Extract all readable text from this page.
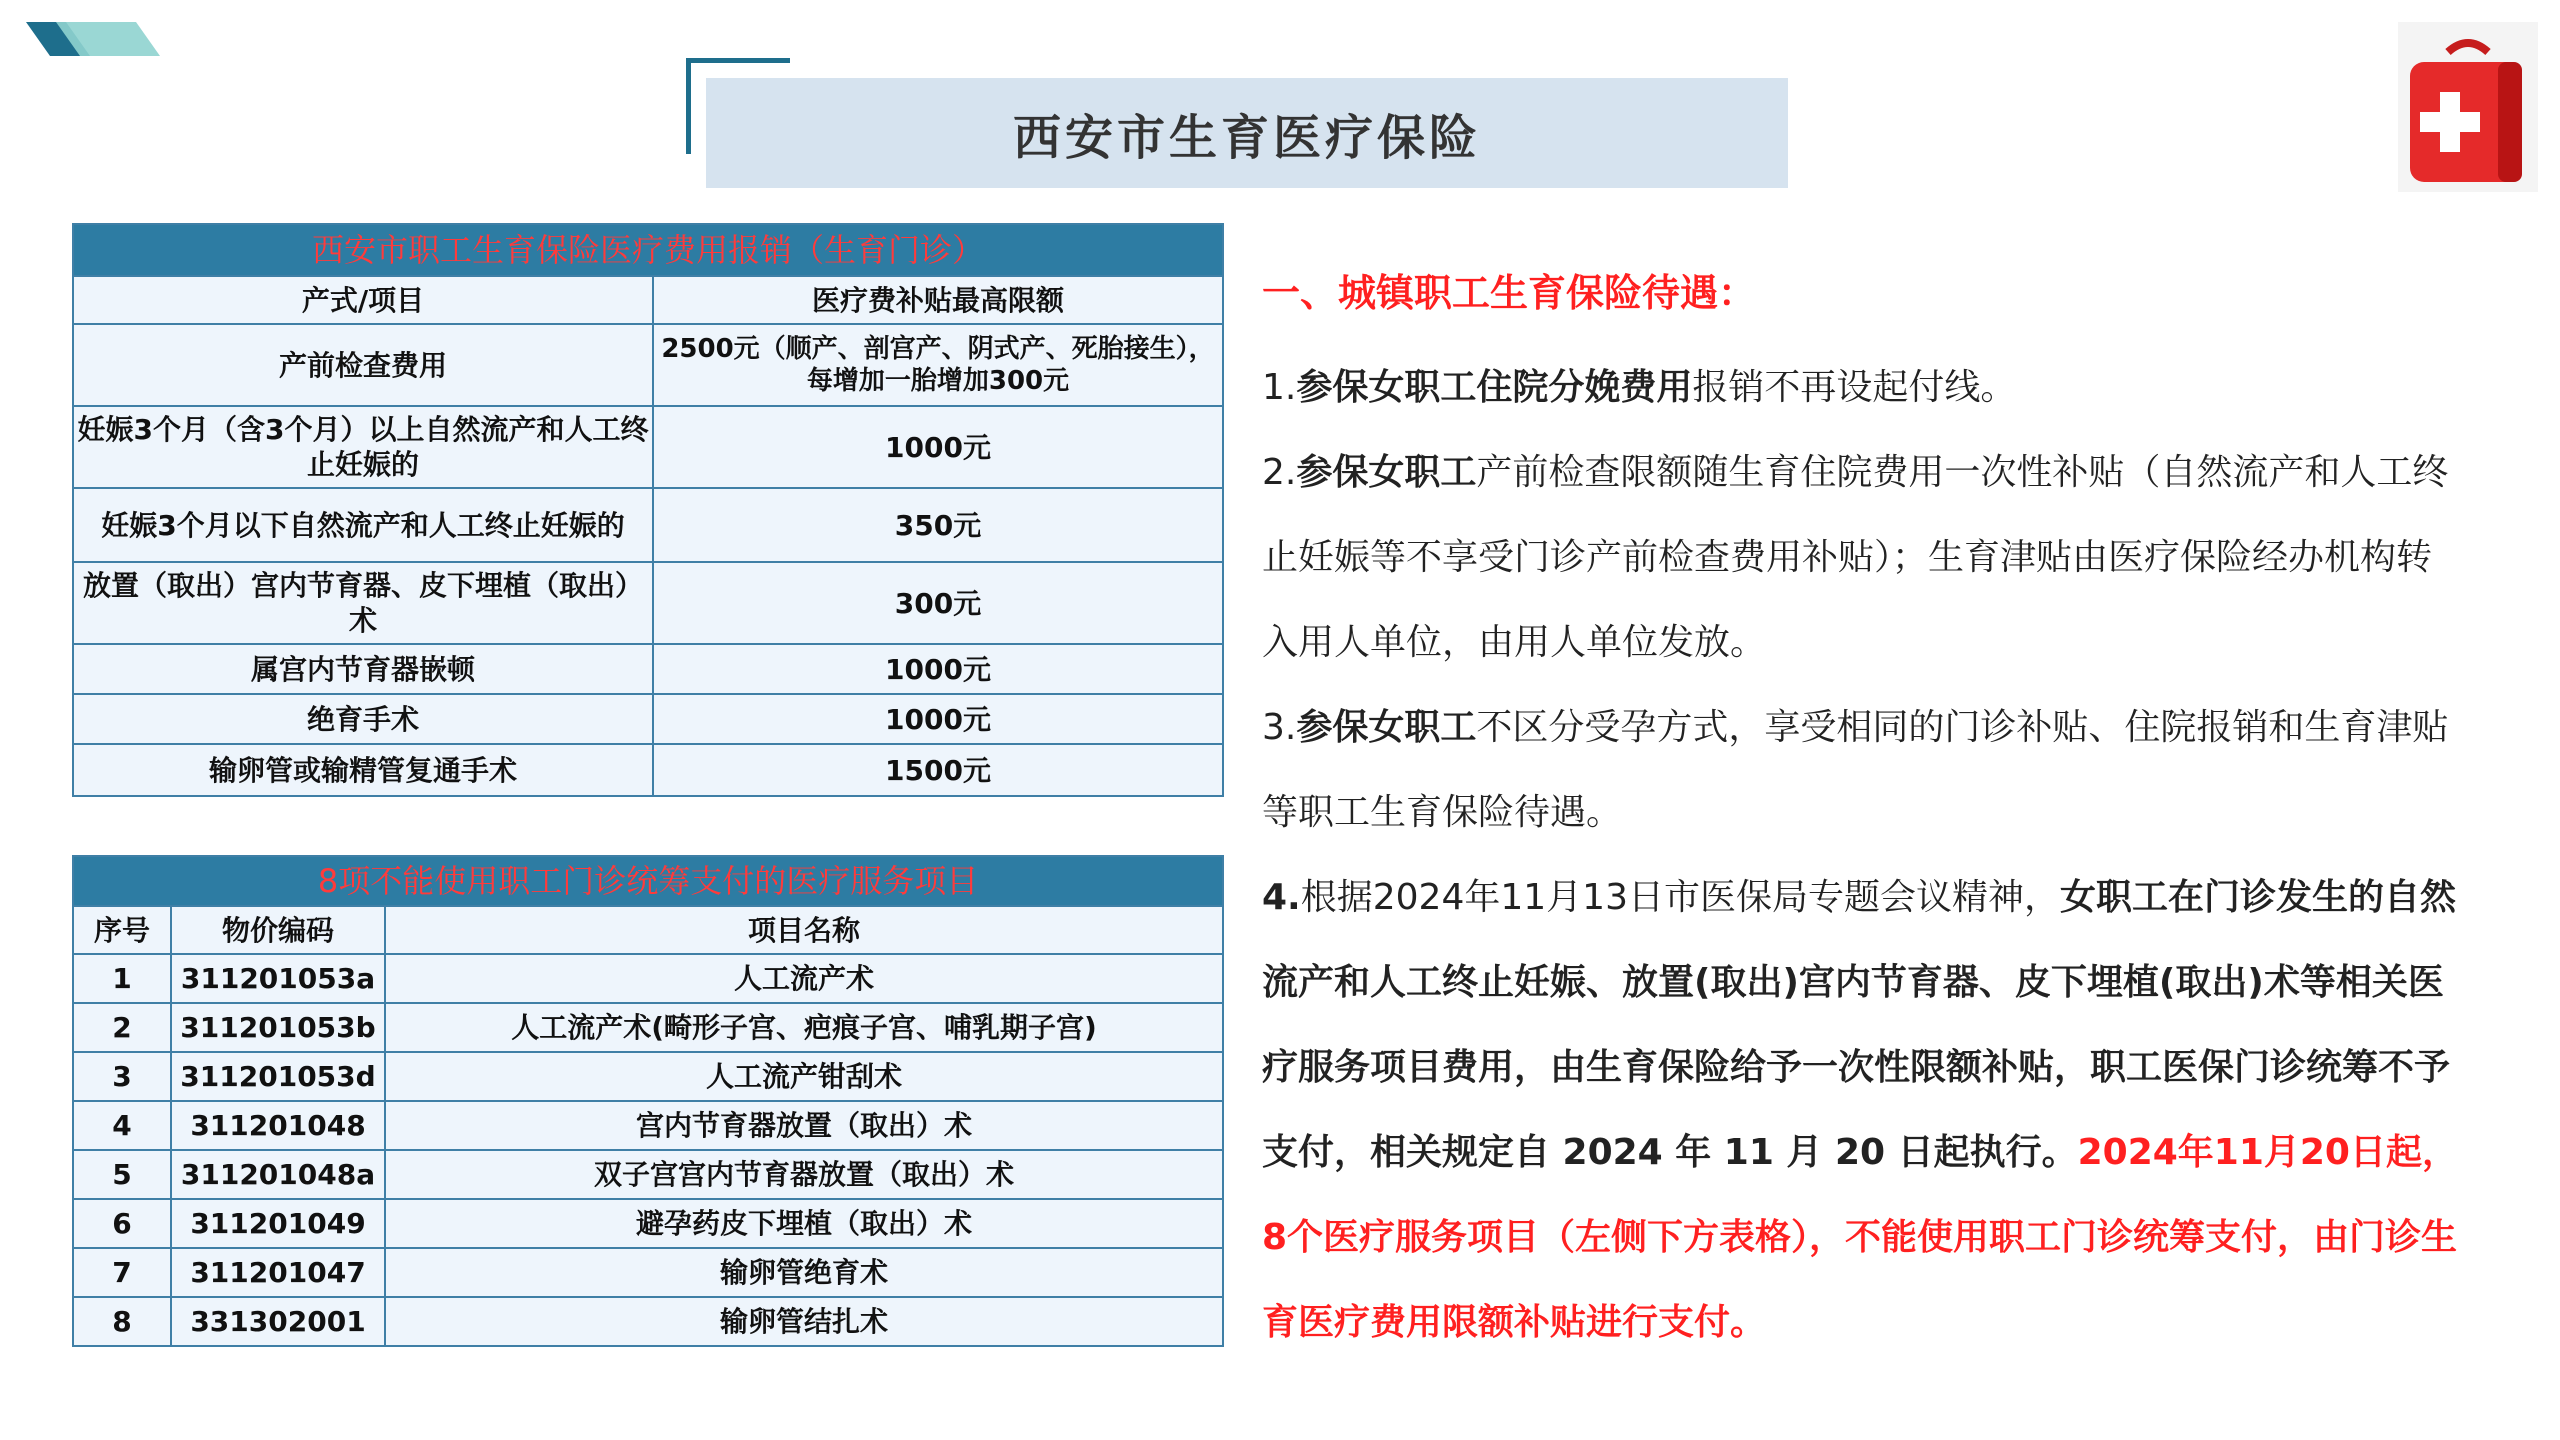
西安市生育医疗保险
西安市职工生育保险医疗费用报销（生育门诊）	
产式/项目	医疗费补贴最高限额
产前检查费用	2500元（顺产、剖宫产、阴式产、死胎接生），每增加一胎增加300元
妊娠3个月（含3个月）以上自然流产和人工终止妊娠的	1000元
妊娠3个月以下自然流产和人工终止妊娠的	350元
放置（取出）宫内节育器、皮下埋植（取出）术	300元
属宫内节育器嵌顿	1000元
绝育手术	1000元
输卵管或输精管复通手术	1500元
8项不能使用职工门诊统筹支付的医疗服务项目		
序号	物价编码	项目名称
1	311201053a	人工流产术
2	311201053b	人工流产术(畸形子宫、疤痕子宫、哺乳期子宫)
3	311201053d	人工流产钳刮术
4	311201048	宫内节育器放置（取出）术
5	311201048a	双子宫宫内节育器放置（取出）术
6	311201049	避孕药皮下埋植（取出）术
7	311201047	输卵管绝育术
8	331302001	输卵管结扎术
一、城镇职工生育保险待遇：

1.参保女职工住院分娩费用报销不再设起付线。

2.参保女职工产前检查限额随生育住院费用一次性补贴（自然流产和人工终止妊娠等不享受门诊产前检查费用补贴）；生育津贴由医疗保险经办机构转入用人单位，由用人单位发放。

3.参保女职工不区分受孕方式，享受相同的门诊补贴、住院报销和生育津贴等职工生育保险待遇。

4.根据2024年11月13日市医保局专题会议精神，女职工在门诊发生的自然流产和人工终止妊娠、放置(取出)宫内节育器、皮下埋植(取出)术等相关医疗服务项目费用，由生育保险给予一次性限额补贴，职工医保门诊统筹不予支付，相关规定自 2024 年 11 月 20 日起执行。2024年11月20日起，8个医疗服务项目（左侧下方表格），不能使用职工门诊统筹支付，由门诊生育医疗费用限额补贴进行支付。
